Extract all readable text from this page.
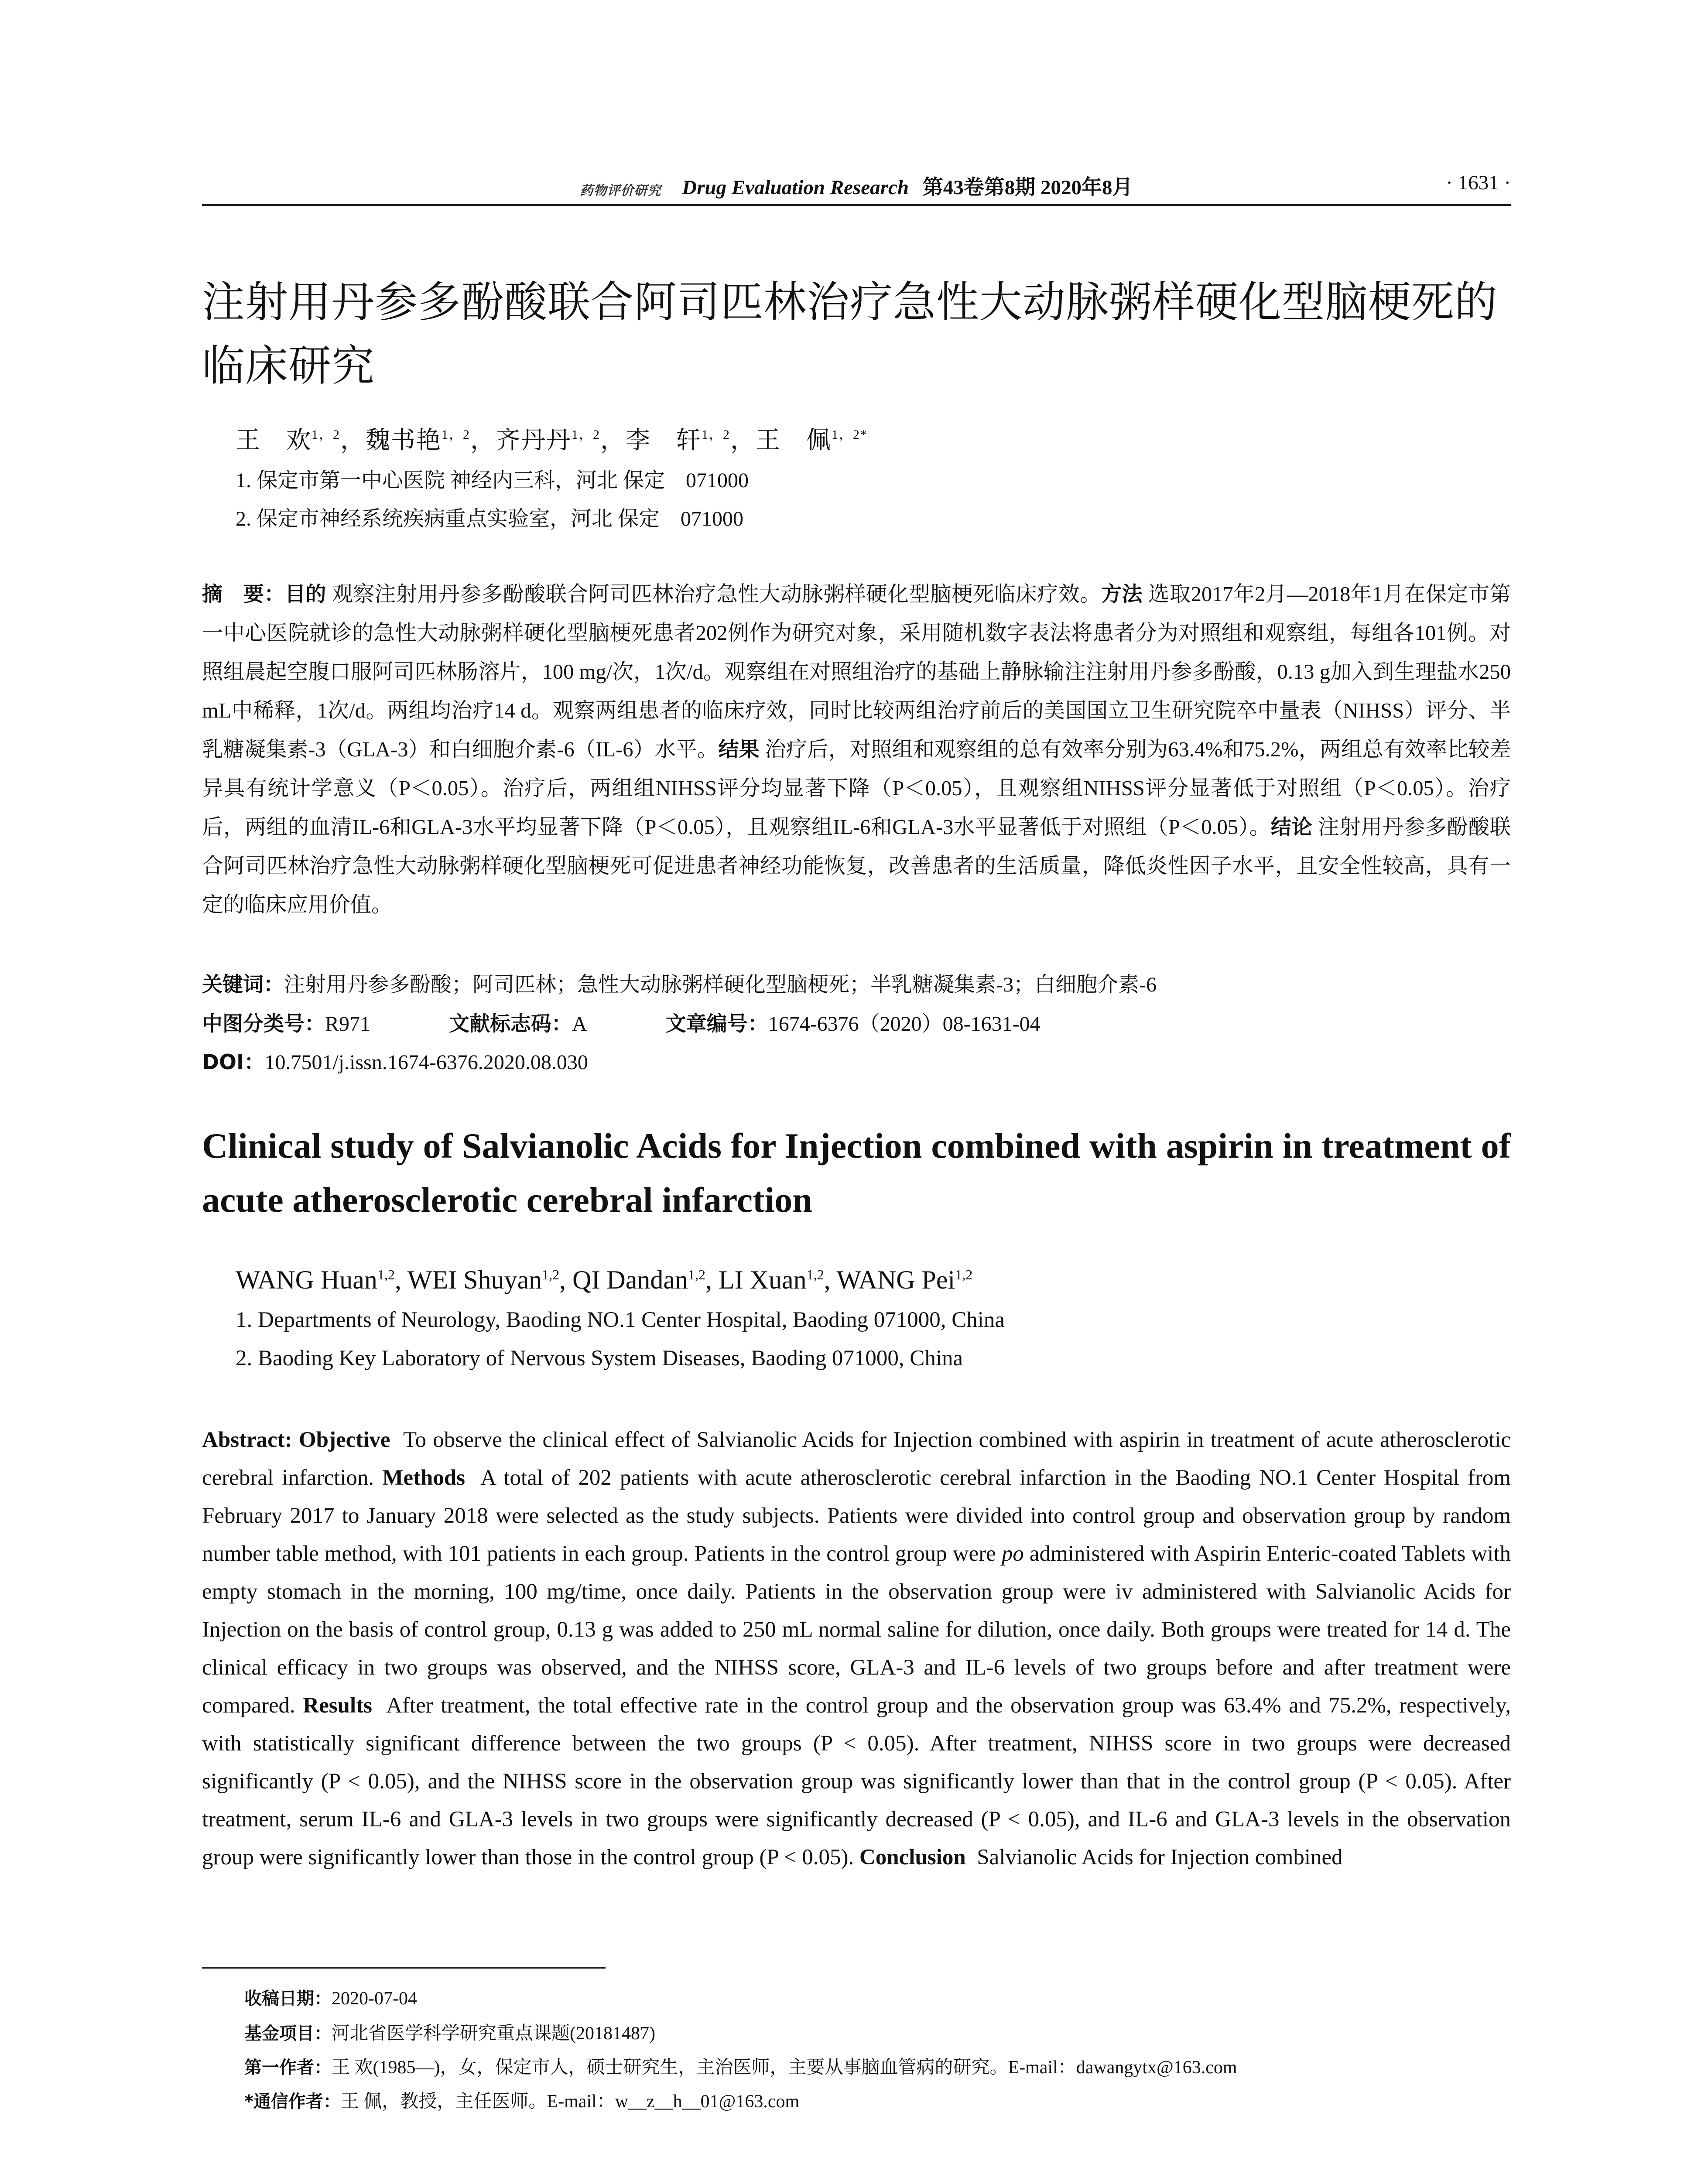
药物评价研究 Drug Evaluation Research 第43卷第8期 2020年8月	· 1631 ·
注射用丹参多酚酸联合阿司匹林治疗急性大动脉粥样硬化型脑梗死的临床研究
王　欢$^{1,2}$，魏书艳$^{1,2}$，齐丹丹$^{1,2}$，李　轩$^{1,2}$，王　佩$^{1,2*}$
1. 保定市第一中心医院 神经内三科，河北 保定　071000
2. 保定市神经系统疾病重点实验室，河北 保定　071000
摘　要：目的 观察注射用丹参多酚酸联合阿司匹林治疗急性大动脉粥样硬化型脑梗死临床疗效。方法 选取2017年2月—2018年1月在保定市第一中心医院就诊的急性大动脉粥样硬化型脑梗死患者202例作为研究对象，采用随机数字表法将患者分为对照组和观察组，每组各101例。对照组晨起空腹口服阿司匹林肠溶片，100 mg/次，1次/d。观察组在对照组治疗的基础上静脉输注注射用丹参多酚酸，0.13 g加入到生理盐水250 mL中稀释，1次/d。两组均治疗14 d。观察两组患者的临床疗效，同时比较两组治疗前后的美国国立卫生研究院卒中量表（NIHSS）评分、半乳糖凝集素-3（GLA-3）和白细胞介素-6（IL-6）水平。结果 治疗后，对照组和观察组的总有效率分别为63.4%和75.2%，两组总有效率比较差异具有统计学意义（P＜0.05）。治疗后，两组组NIHSS评分均显著下降（P＜0.05），且观察组NIHSS评分显著低于对照组（P＜0.05）。治疗后，两组的血清IL-6和GLA-3水平均显著下降（P＜0.05），且观察组IL-6和GLA-3水平显著低于对照组（P＜0.05）。结论 注射用丹参多酚酸联合阿司匹林治疗急性大动脉粥样硬化型脑梗死可促进患者神经功能恢复，改善患者的生活质量，降低炎性因子水平，且安全性较高，具有一定的临床应用价值。
关键词：注射用丹参多酚酸；阿司匹林；急性大动脉粥样硬化型脑梗死；半乳糖凝集素-3；白细胞介素-6
中图分类号：R971	文献标志码：A	文章编号：1674-6376（2020）08-1631-04
DOI：10.7501/j.issn.1674-6376.2020.08.030
Clinical study of Salvianolic Acids for Injection combined with aspirin in treatment of acute atherosclerotic cerebral infarction
WANG Huan$^{1,2}$, WEI Shuyan$^{1,2}$, QI Dandan$^{1,2}$, LI Xuan$^{1,2}$, WANG Pei$^{1,2}$
1. Departments of Neurology, Baoding NO.1 Center Hospital, Baoding 071000, China
2. Baoding Key Laboratory of Nervous System Diseases, Baoding 071000, China
Abstract: Objective To observe the clinical effect of Salvianolic Acids for Injection combined with aspirin in treatment of acute atherosclerotic cerebral infarction. Methods A total of 202 patients with acute atherosclerotic cerebral infarction in the Baoding NO.1 Center Hospital from February 2017 to January 2018 were selected as the study subjects. Patients were divided into control group and observation group by random number table method, with 101 patients in each group. Patients in the control group were po administered with Aspirin Enteric-coated Tablets with empty stomach in the morning, 100 mg/time, once daily. Patients in the observation group were iv administered with Salvianolic Acids for Injection on the basis of control group, 0.13 g was added to 250 mL normal saline for dilution, once daily. Both groups were treated for 14 d. The clinical efficacy in two groups was observed, and the NIHSS score, GLA-3 and IL-6 levels of two groups before and after treatment were compared. Results After treatment, the total effective rate in the control group and the observation group was 63.4% and 75.2%, respectively, with statistically significant difference between the two groups (P < 0.05). After treatment, NIHSS score in two groups were decreased significantly (P < 0.05), and the NIHSS score in the observation group was significantly lower than that in the control group (P < 0.05). After treatment, serum IL-6 and GLA-3 levels in two groups were significantly decreased (P < 0.05), and IL-6 and GLA-3 levels in the observation group were significantly lower than those in the control group (P < 0.05). Conclusion Salvianolic Acids for Injection combined
收稿日期：2020-07-04
基金项目：河北省医学科学研究重点课题(20181487)
第一作者：王 欢(1985—)，女，保定市人，硕士研究生，主治医师，主要从事脑血管病的研究。E-mail：dawangytx@163.com
*通信作者：王 佩，教授，主任医师。E-mail：w__z__h__01@163.com
